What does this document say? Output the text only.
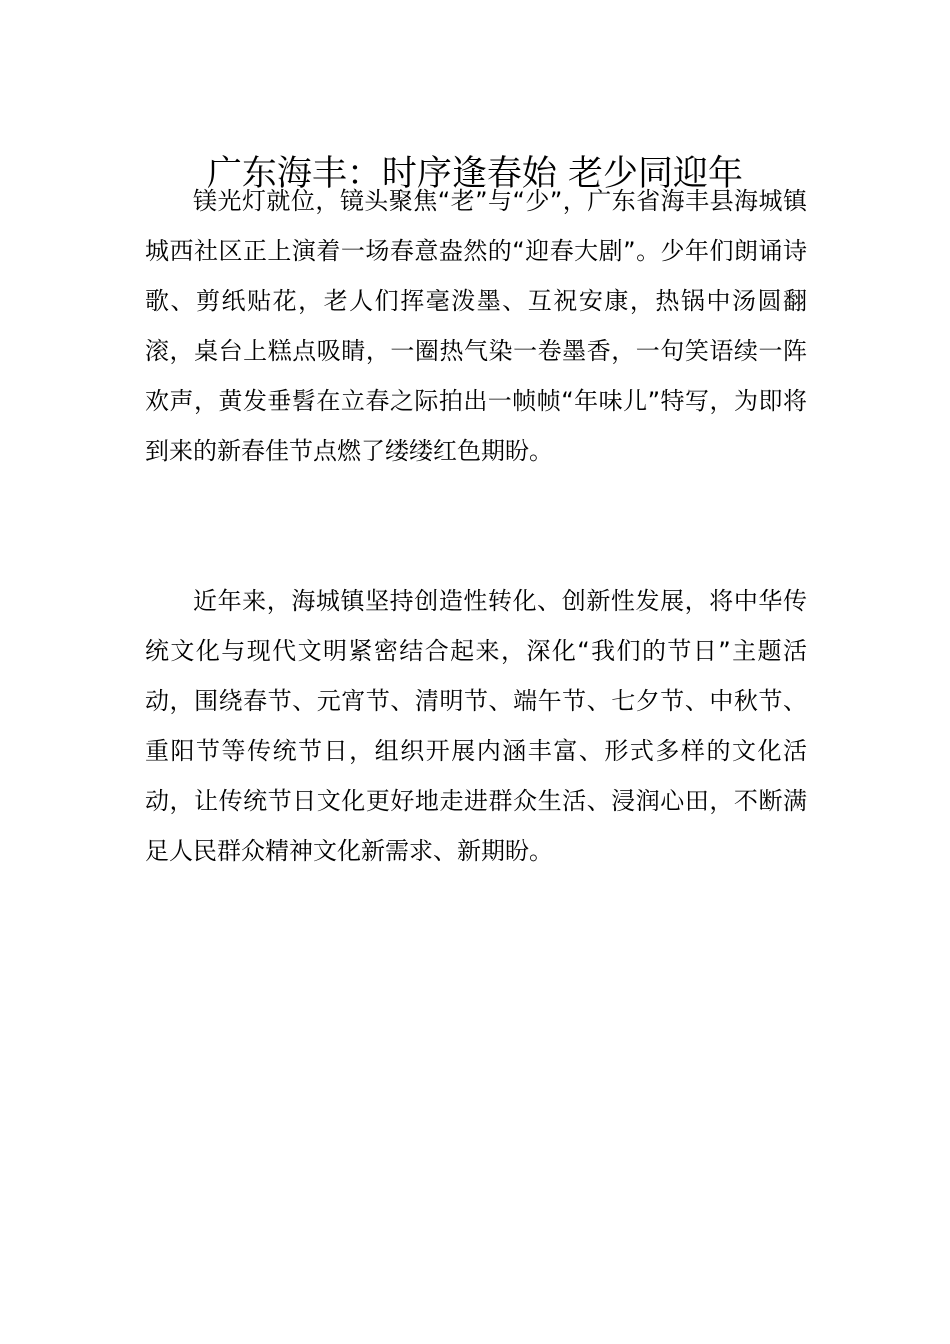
广东海丰：时序逢春始 老少同迎年

镁光灯就位，镜头聚焦“老”与“少”，广东省海丰县海城镇城西社区正上演着一场春意盎然的“迎春大剧”。少年们朗诵诗歌、剪纸贴花，老人们挥毫泼墨、互祝安康，热锅中汤圆翻滚，桌台上糕点吸睛，一圈热气染一卷墨香，一句笑语续一阵欢声，黄发垂髫在立春之际拍出一帧帧“年味儿”特写，为即将到来的新春佳节点燃了缕缕红色期盼。

近年来，海城镇坚持创造性转化、创新性发展，将中华传统文化与现代文明紧密结合起来，深化“我们的节日”主题活动，围绕春节、元宵节、清明节、端午节、七夕节、中秋节、重阳节等传统节日，组织开展内涵丰富、形式多样的文化活动，让传统节日文化更好地走进群众生活、浸润心田，不断满足人民群众精神文化新需求、新期盼。
